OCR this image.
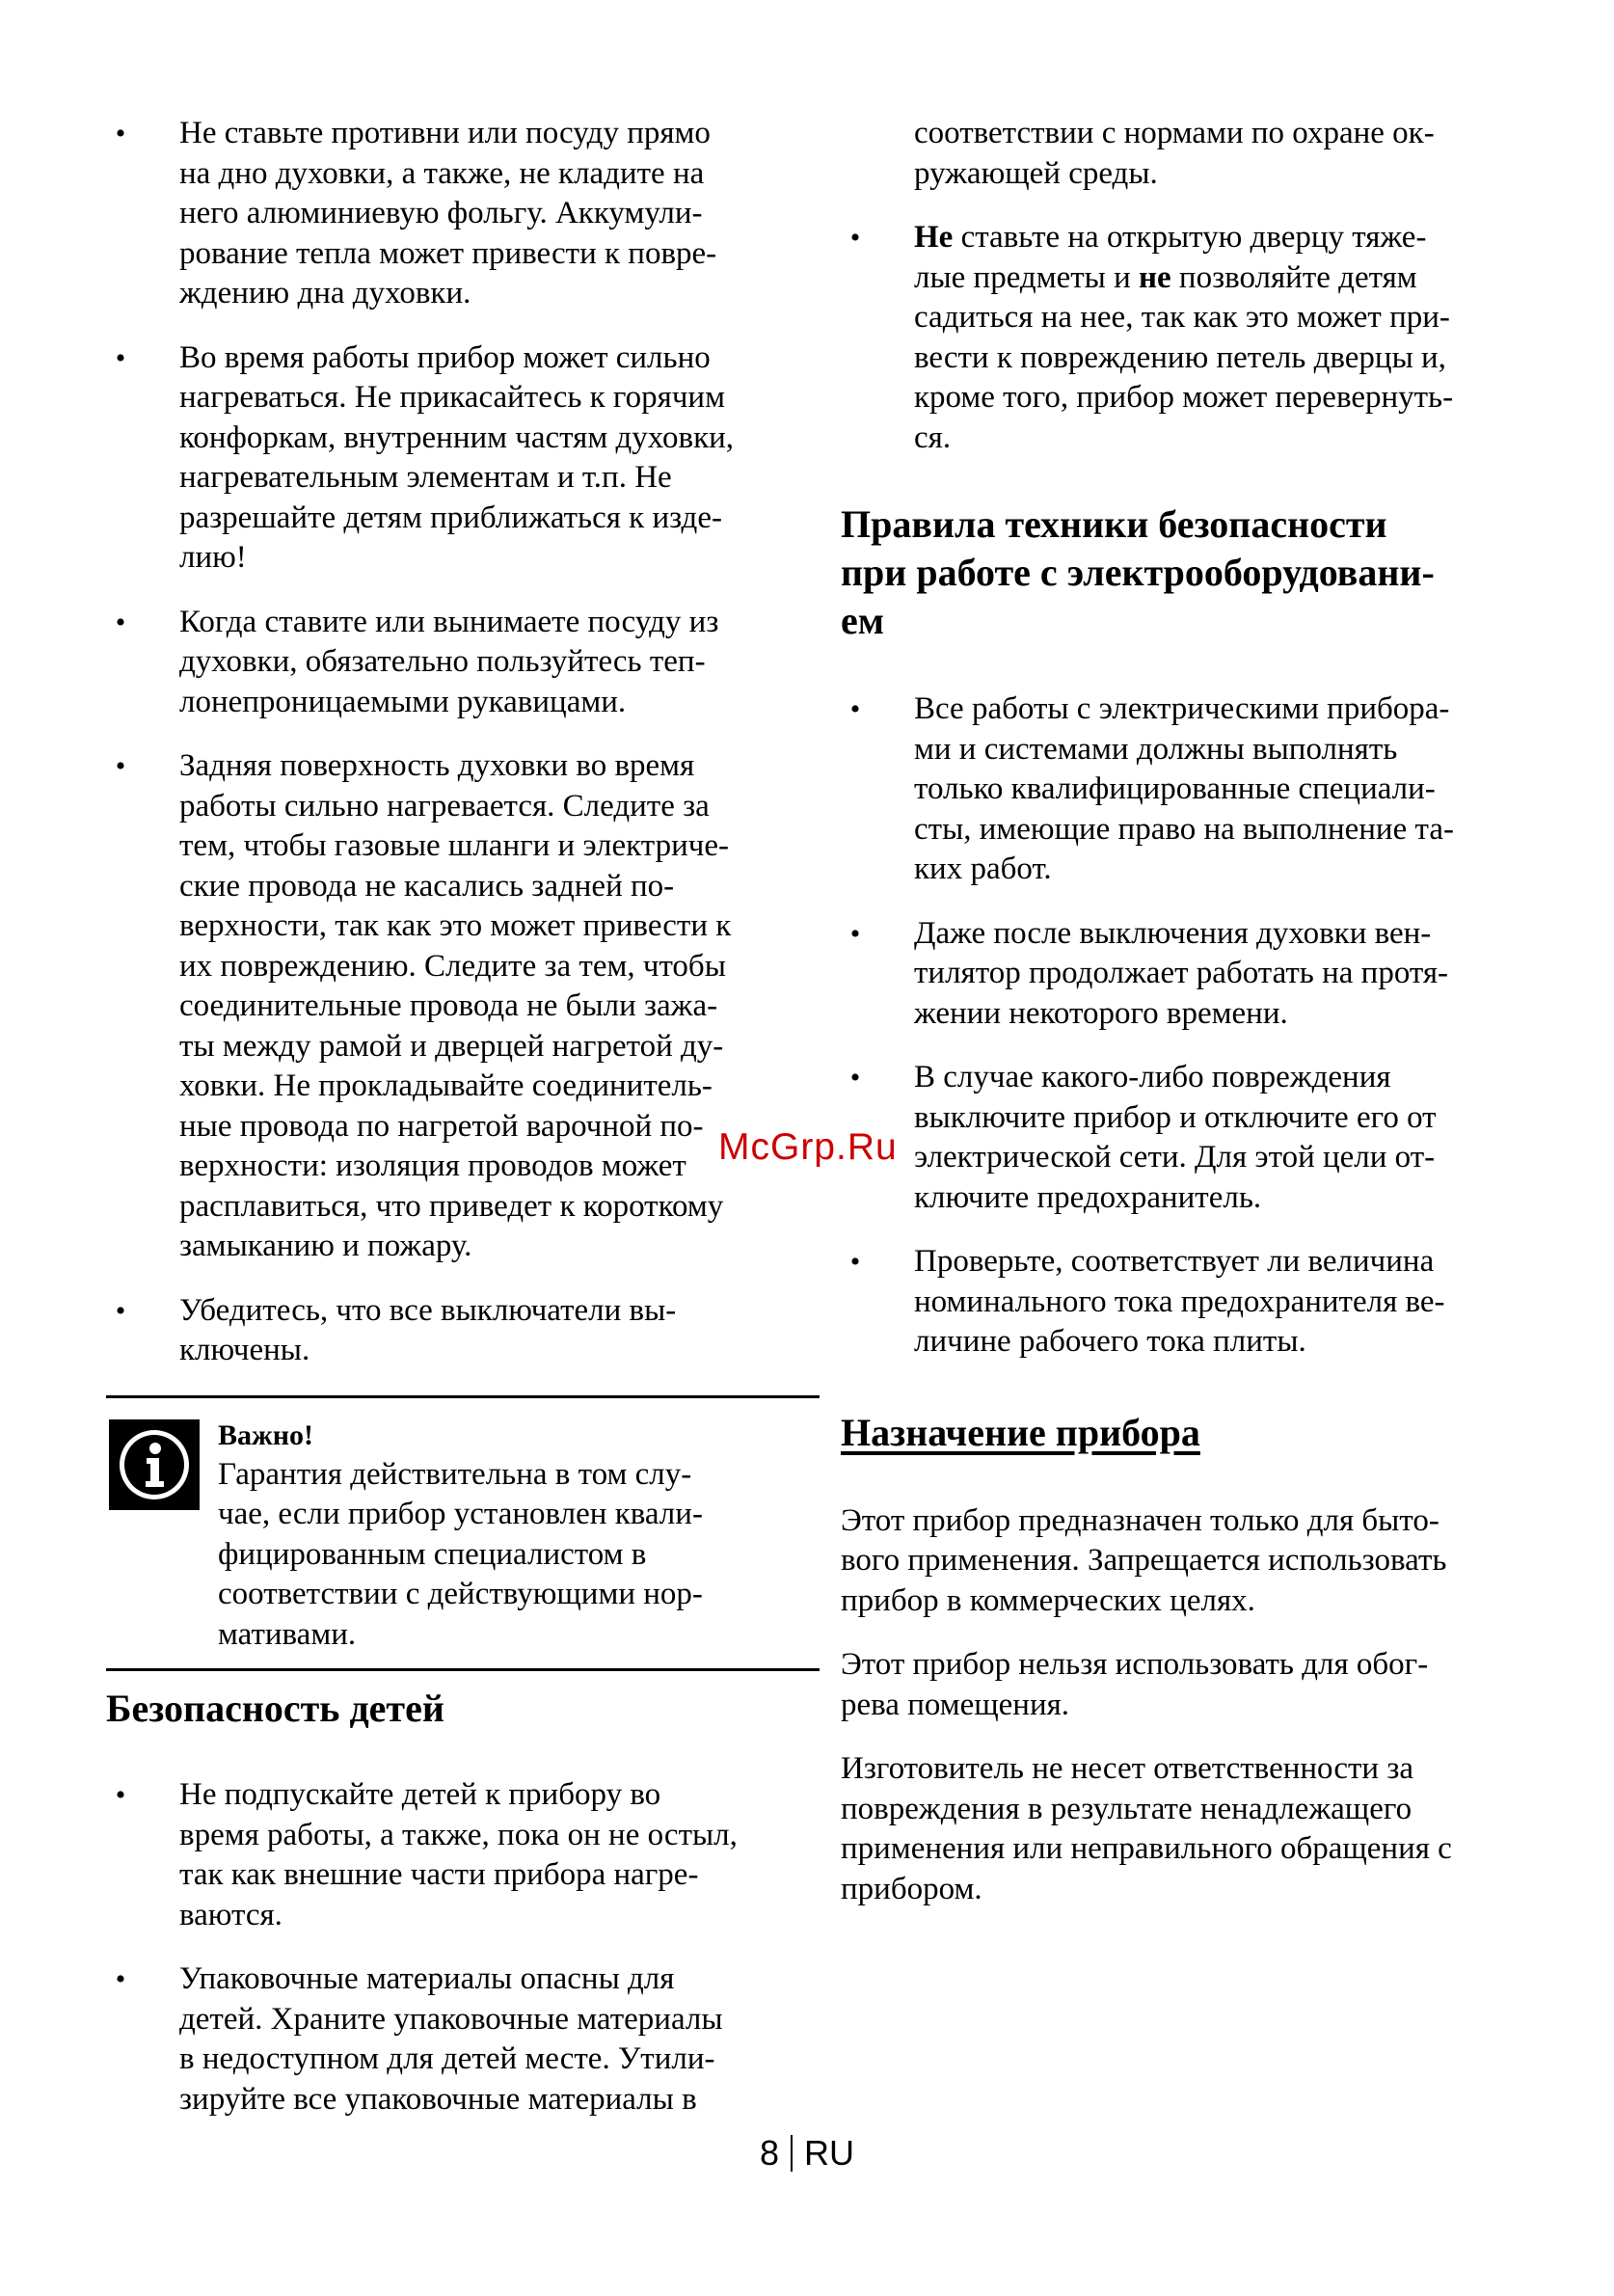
• Не ставьте противни или посуду прямо
на дно духовки, а также, не кладите на
него алюминиевую фольгу. Аккумули-
рование тепла может привести к повре-
ждению дна духовки.
• Во время работы прибор может сильно
нагреваться. Не прикасайтесь к горячим
конфоркам, внутренним частям духовки,
нагревательным элементам и т.п. Не
разрешайте детям приближаться к изде-
лию!
• Когда ставите или вынимаете посуду из
духовки, обязательно пользуйтесь теп-
лонепроницаемыми рукавицами.
• Задняя поверхность духовки во время
работы сильно нагревается. Следите за
тем, чтобы газовые шланги и электриче-
ские провода не касались задней по-
верхности, так как это может привести к
их повреждению. Следите за тем, чтобы
соединительные провода не были зажа-
ты между рамой и дверцей нагретой ду-
ховки. Не прокладывайте соединитель-
ные провода по нагретой варочной по-
верхности: изоляция проводов может
расплавиться, что приведет к короткому
замыканию и пожару.
• Убедитесь, что все выключатели вы-
ключены.
Важно!
Гарантия действительна в том слу-
чае, если прибор установлен квали-
фицированным специалистом в
соответствии с действующими нор-
мативами.
Безопасность детей
• Не подпускайте детей к прибору во
время работы, а также, пока он не остыл,
так как внешние части прибора нагре-
ваются.
• Упаковочные материалы опасны для
детей. Храните упаковочные материалы
в недоступном для детей месте. Утили-
зируйте все упаковочные материалы в
соответствии с нормами по охране ок-
ружающей среды.
• Не ставьте на открытую дверцу тяже-
лые предметы и не позволяйте детям
садиться на нее, так как это может при-
вести к повреждению петель дверцы и,
кроме того, прибор может перевернуть-
ся.
Правила техники безопасности
при работе с электрооборудовани-
ем
• Все работы с электрическими прибора-
ми и системами должны выполнять
только квалифицированные специали-
сты, имеющие право на выполнение та-
ких работ.
• Даже после выключения духовки вен-
тилятор продолжает работать на протя-
жении некоторого времени.
• В случае какого-либо повреждения
выключите прибор и отключите его от
электрической сети. Для этой цели от-
ключите предохранитель.
• Проверьте, соответствует ли величина
номинального тока предохранителя ве-
личине рабочего тока плиты.
Назначение прибора
Этот прибор предназначен только для быто-
вого применения. Запрещается использовать
прибор в коммерческих целях.
Этот прибор нельзя использовать для обог-
рева помещения.
Изготовитель не несет ответственности за
повреждения в результате ненадлежащего
применения или неправильного обращения с
прибором.
McGrp.Ru
8 RU
